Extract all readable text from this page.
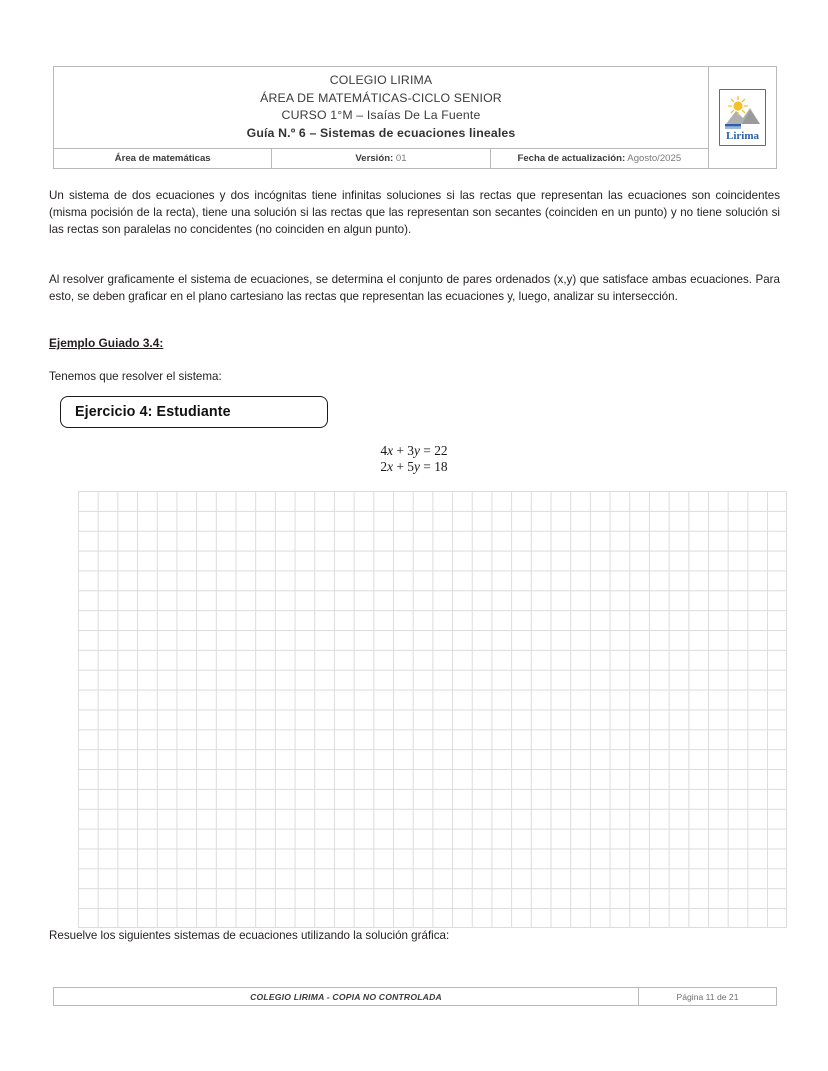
COLEGIO LIRIMA
ÁREA DE MATEMÁTICAS-CICLO SENIOR
CURSO 1°M – Isaías De La Fuente
Guía N.º 6 – Sistemas de ecuaciones lineales			Lirima

Área de matemáticas	Versión: 01	Fecha de actualización: Agosto/2025	
Un sistema de dos ecuaciones y dos incógnitas tiene infinitas soluciones si las rectas que representan las ecuaciones son coincidentes (misma pocisión de la recta), tiene una solución si las rectas que las representan son secantes (coinciden en un punto) y no tiene solución si las rectas son paralelas no concidentes (no coinciden en algun punto).
Al resolver graficamente el sistema de ecuaciones, se determina el conjunto de pares ordenados (x,y) que satisface ambas ecuaciones. Para esto, se deben graficar en el plano cartesiano las rectas que representan las ecuaciones y, luego, analizar su intersección.
Ejemplo Guiado 3.4:
Tenemos que resolver el sistema:
Ejercicio 4: Estudiante
4x + 3y = 22
2x + 5y = 18
Resuelve los siguientes sistemas de ecuaciones utilizando la solución gráfica:
COLEGIO LIRIMA - COPIA NO CONTROLADA	Página 11 de 21
